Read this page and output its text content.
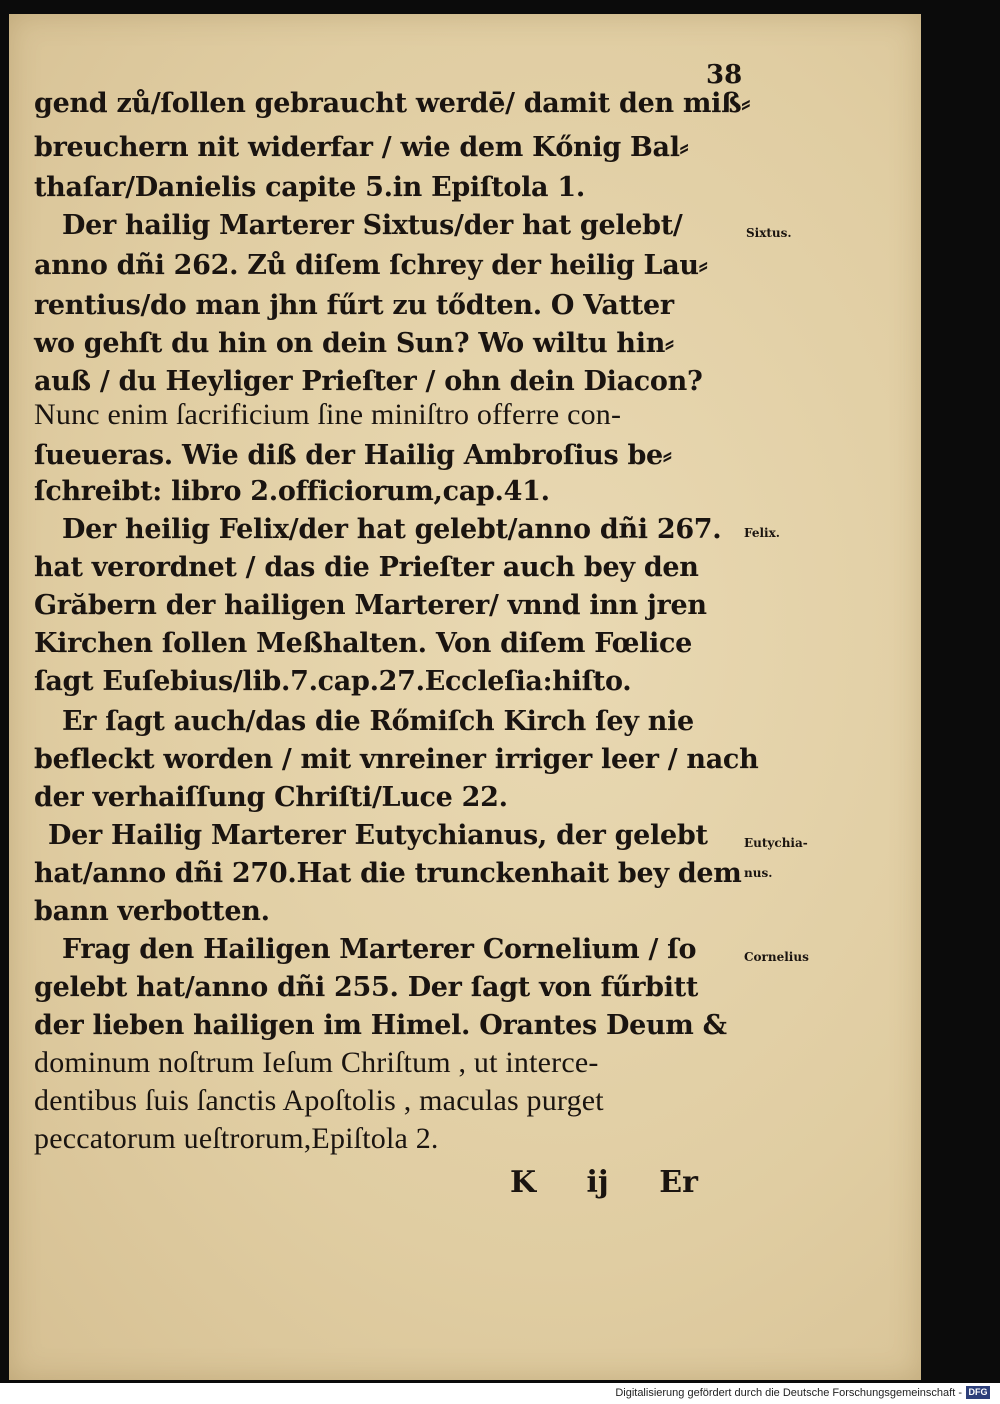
38
gend zů/ſollen gebraucht werdē/ damit den miß⸗
breuchern nit widerfar / wie dem Kőnig Bal⸗
thaſar/Danielis capite 5.in Epiſtola 1.
Der hailig Marterer Sixtus/der hat gelebt/
anno dñi 262. Zů diſem ſchrey der heilig Lau⸗
rentius/do man jhn fűrt zu tődten. O Vatter
wo gehſt du hin on dein Sun? Wo wiltu hin⸗
auß / du Heyliger Prieſter / ohn dein Diacon?
Nunc enim ſacrificium ſine miniſtro offerre con-
ſueueras. Wie diß der Hailig Ambroſius be⸗
ſchreibt: libro 2.officiorum,cap.41.
Der heilig Felix/der hat gelebt/anno dñi 267.
hat verordnet / das die Prieſter auch bey den
Grăbern der hailigen Marterer/ vnnd inn jren
Kirchen ſollen Meßhalten. Von diſem Fœlice
ſagt Euſebius/lib.7.cap.27.Eccleſia:hiſto.
Er ſagt auch/das die Rőmiſch Kirch ſey nie
befleckt worden / mit vnreiner irriger leer / nach
der verhaiſſung Chriſti/Luce 22.
Der Hailig Marterer Eutychianus, der gelebt
hat/anno dñi 270.Hat die trunckenhait bey dem
bann verbotten.
Frag den Hailigen Marterer Cornelium / ſo
gelebt hat/anno dñi 255. Der ſagt von fűrbitt
der lieben hailigen im Himel. Orantes Deum &
dominum noſtrum Ieſum Chriſtum , ut interce-
dentibus ſuis ſanctis Apoſtolis , maculas purget
peccatorum ueſtrorum,Epiſtola 2.
Sixtus.
Felix.
Eutychia-
nus.
Cornelius
K ij Er
Digitalisierung gefördert durch die Deutsche Forschungsgemeinschaft - DFG
